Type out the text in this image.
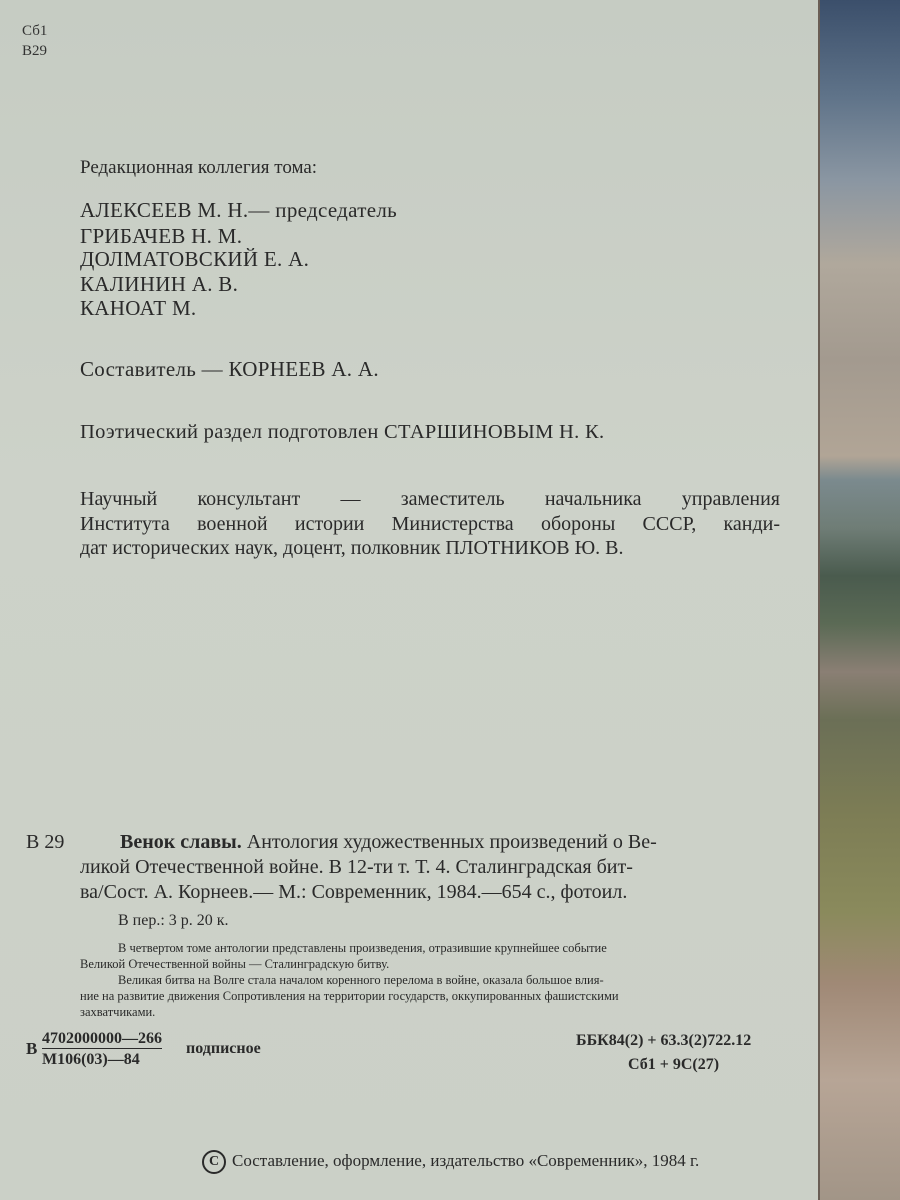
Сб1
В29
Редакционная коллегия тома:
АЛЕКСЕЕВ М. Н.— председатель
ГРИБАЧЕВ Н. М.
ДОЛМАТОВСКИЙ Е. А.
КАЛИНИН А. В.
КАНОАТ М.
Составитель — КОРНЕЕВ А. А.
Поэтический раздел подготовлен СТАРШИНОВЫМ Н. К.
Научный консультант — заместитель начальника управления
Института военной истории Министерства обороны СССР, канди-
дат исторических наук, доцент, полковник ПЛОТНИКОВ Ю. В.
В 29	Венок славы. Антология художественных произведений о Ве-
ликой Отечественной войне. В 12-ти т. Т. 4. Сталинградская бит-
ва/Сост. А. Корнеев.— М.: Современник, 1984.—654 с., фотоил.
В пер.: 3 р. 20 к.
В четвертом томе антологии представлены произведения, отразившие крупнейшее событие
Великой Отечественной войны — Сталинградскую битву.
Великая битва на Волге стала началом коренного перелома в войне, оказала большое влия-
ние на развитие движения Сопротивления на территории государств, оккупированных фашистскими
захватчиками.
В
4702000000—266
М106(03)—84
подписное	ББК84(2) + 63.3(2)722.12
Сб1 + 9С(27)
С Составление, оформление, издательство «Современник», 1984 г.
